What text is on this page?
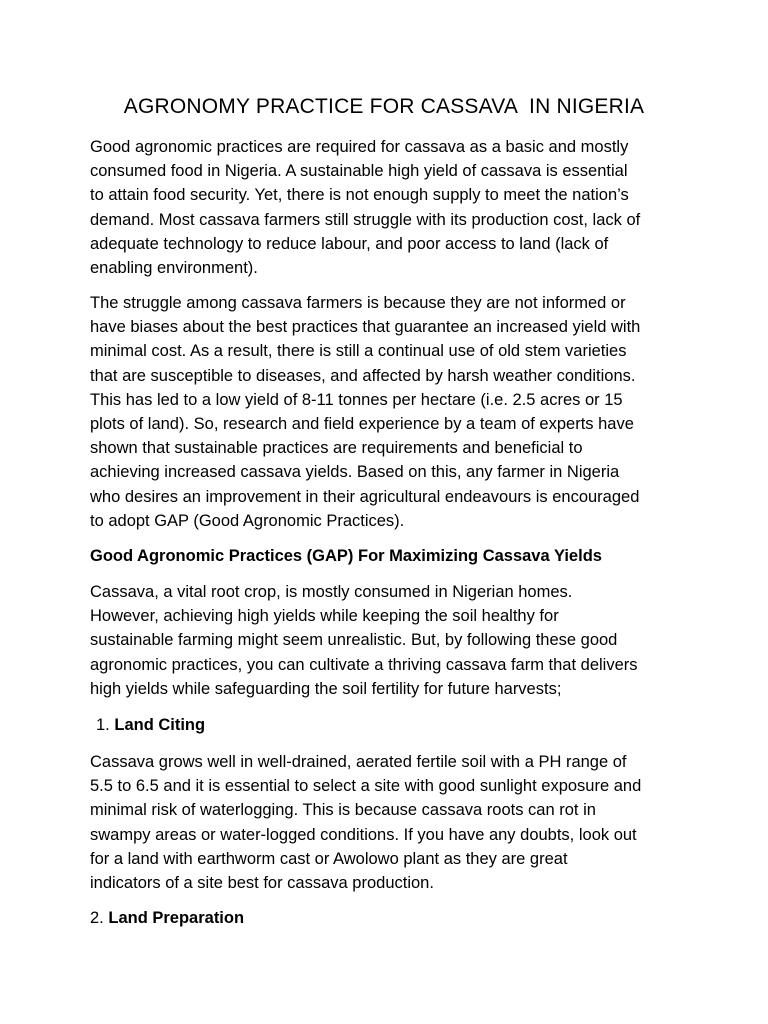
AGRONOMY PRACTICE FOR CASSAVA  IN NIGERIA

Good agronomic practices are required for cassava as a basic and mostly
consumed food in Nigeria. A sustainable high yield of cassava is essential
to attain food security. Yet, there is not enough supply to meet the nation’s
demand. Most cassava farmers still struggle with its production cost, lack of
adequate technology to reduce labour, and poor access to land (lack of
enabling environment).

The struggle among cassava farmers is because they are not informed or
have biases about the best practices that guarantee an increased yield with
minimal cost. As a result, there is still a continual use of old stem varieties
that are susceptible to diseases, and affected by harsh weather conditions.
This has led to a low yield of 8-11 tonnes per hectare (i.e. 2.5 acres or 15
plots of land). So, research and field experience by a team of experts have
shown that sustainable practices are requirements and beneficial to
achieving increased cassava yields. Based on this, any farmer in Nigeria
who desires an improvement in their agricultural endeavours is encouraged
to adopt GAP (Good Agronomic Practices).

Good Agronomic Practices (GAP) For Maximizing Cassava Yields

Cassava, a vital root crop, is mostly consumed in Nigerian homes.
However, achieving high yields while keeping the soil healthy for
sustainable farming might seem unrealistic. But, by following these good
agronomic practices, you can cultivate a thriving cassava farm that delivers
high yields while safeguarding the soil fertility for future harvests;

1. Land Citing

Cassava grows well in well-drained, aerated fertile soil with a PH range of
5.5 to 6.5 and it is essential to select a site with good sunlight exposure and
minimal risk of waterlogging. This is because cassava roots can rot in
swampy areas or water-logged conditions. If you have any doubts, look out
for a land with earthworm cast or Awolowo plant as they are great
indicators of a site best for cassava production.

2. Land Preparation
